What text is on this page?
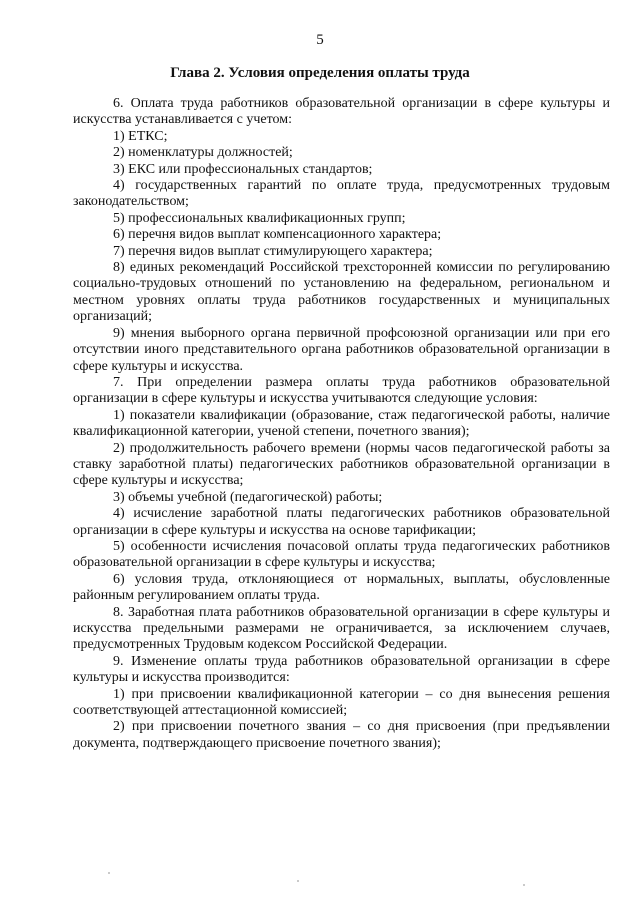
5
Глава 2. Условия определения оплаты труда

6. Оплата труда работников образовательной организации в сфере культуры и искусства устанавливается с учетом:

1) ЕТКС;

2) номенклатуры должностей;

3) ЕКС или профессиональных стандартов;

4) государственных гарантий по оплате труда, предусмотренных трудовым законодательством;

5) профессиональных квалификационных групп;

6) перечня видов выплат компенсационного характера;

7) перечня видов выплат стимулирующего характера;

8) единых рекомендаций Российской трехсторонней комиссии по регулированию социально-трудовых отношений по установлению на федеральном, региональном и местном уровнях оплаты труда работников государственных и муниципальных организаций;

9) мнения выборного органа первичной профсоюзной организации или при его отсутствии иного представительного органа работников образовательной организации в сфере культуры и искусства.

7. При определении размера оплаты труда работников образовательной организации в сфере культуры и искусства учитываются следующие условия:

1) показатели квалификации (образование, стаж педагогической работы, наличие квалификационной категории, ученой степени, почетного звания);

2) продолжительность рабочего времени (нормы часов педагогической работы за ставку заработной платы) педагогических работников образовательной организации в сфере культуры и искусства;

3) объемы учебной (педагогической) работы;

4) исчисление заработной платы педагогических работников образовательной организации в сфере культуры и искусства на основе тарификации;

5) особенности исчисления почасовой оплаты труда педагогических работников образовательной организации в сфере культуры и искусства;

6) условия труда, отклоняющиеся от нормальных, выплаты, обусловленные районным регулированием оплаты труда.

8. Заработная плата работников образовательной организации в сфере культуры и искусства предельными размерами не ограничивается, за исключением случаев, предусмотренных Трудовым кодексом Российской Федерации.

9. Изменение оплаты труда работников образовательной организации в сфере культуры и искусства производится:

1) при присвоении квалификационной категории – со дня вынесения решения соответствующей аттестационной комиссией;

2) при присвоении почетного звания – со дня присвоения (при предъявлении документа, подтверждающего присвоение почетного звания);
